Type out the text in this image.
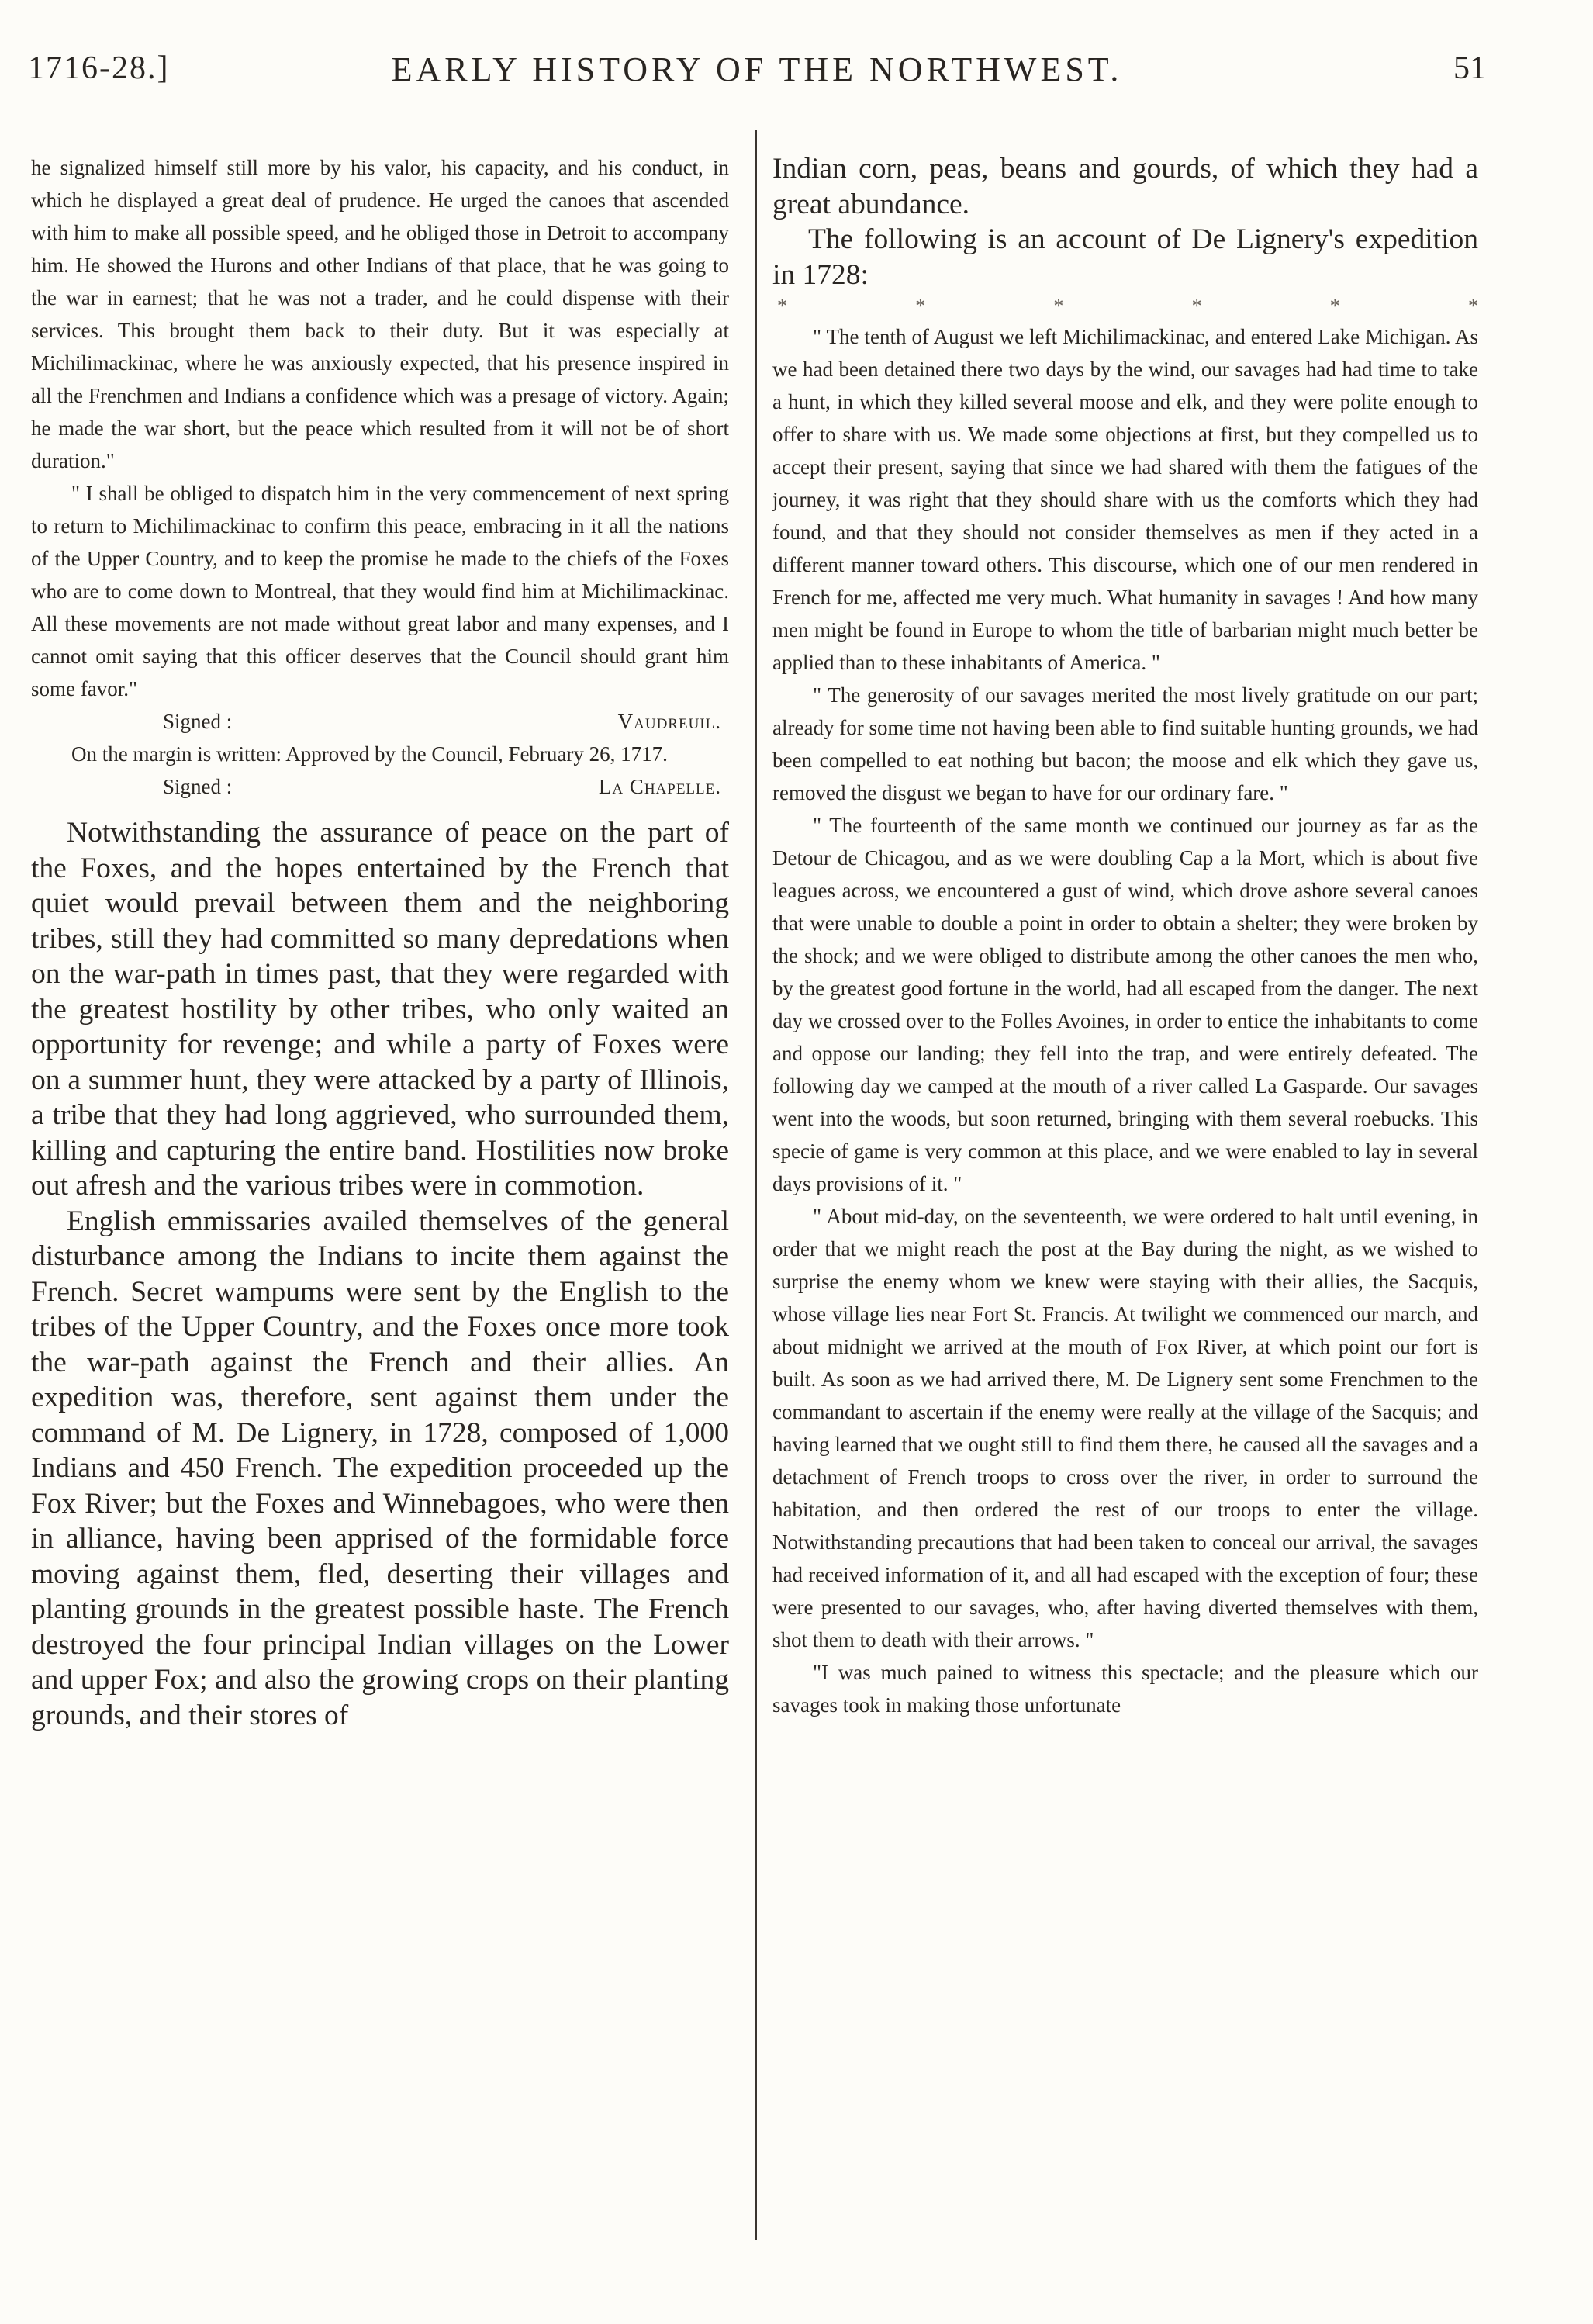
1716-28.]	EARLY HISTORY OF THE NORTHWEST.	51

he signalized himself still more by his valor, his capacity, and his conduct, in which he displayed a great deal of prudence. He urged the canoes that ascended with him to make all possible speed, and he obliged those in Detroit to accompany him. He showed the Hurons and other Indians of that place, that he was going to the war in earnest; that he was not a trader, and he could dispense with their services. This brought them back to their duty. But it was especially at Michilimackinac, where he was anxiously expected, that his presence inspired in all the Frenchmen and Indians a confidence which was a presage of victory. Again; he made the war short, but the peace which resulted from it will not be of short duration."

" I shall be obliged to dispatch him in the very commencement of next spring to return to Michilimackinac to confirm this peace, embracing in it all the nations of the Upper Country, and to keep the promise he made to the chiefs of the Foxes who are to come down to Montreal, that they would find him at Michilimackinac. All these movements are not made without great labor and many expenses, and I cannot omit saying that this officer deserves that the Council should grant him some favor."

Signed :	Vaudreuil.

On the margin is written: Approved by the Council, February 26, 1717.

Signed :	La Chapelle.

Notwithstanding the assurance of peace on the part of the Foxes, and the hopes entertained by the French that quiet would prevail between them and the neighboring tribes, still they had committed so many depredations when on the war-path in times past, that they were regarded with the greatest hostility by other tribes, who only waited an opportunity for revenge; and while a party of Foxes were on a summer hunt, they were attacked by a party of Illinois, a tribe that they had long aggrieved, who surrounded them, killing and capturing the entire band. Hostilities now broke out afresh and the various tribes were in commotion.

English emmissaries availed themselves of the general disturbance among the Indians to incite them against the French. Secret wampums were sent by the English to the tribes of the Upper Country, and the Foxes once more took the war-path against the French and their allies. An expedition was, therefore, sent against them under the command of M. De Lignery, in 1728, composed of 1,000 Indians and 450 French. The expedition proceeded up the Fox River; but the Foxes and Winnebagoes, who were then in alliance, having been apprised of the formidable force moving against them, fled, deserting their villages and planting grounds in the greatest possible haste. The French destroyed the four principal Indian villages on the Lower and upper Fox; and also the growing crops on their planting grounds, and their stores of

Indian corn, peas, beans and gourds, of which they had a great abundance.

The following is an account of De Lignery's expedition in 1728:

*	*	*	*	*	*

" The tenth of August we left Michilimackinac, and entered Lake Michigan. As we had been detained there two days by the wind, our savages had had time to take a hunt, in which they killed several moose and elk, and they were polite enough to offer to share with us. We made some objections at first, but they compelled us to accept their present, saying that since we had shared with them the fatigues of the journey, it was right that they should share with us the comforts which they had found, and that they should not consider themselves as men if they acted in a different manner toward others. This discourse, which one of our men rendered in French for me, affected me very much. What humanity in savages ! And how many men might be found in Europe to whom the title of barbarian might much better be applied than to these inhabitants of America. "

" The generosity of our savages merited the most lively gratitude on our part; already for some time not having been able to find suitable hunting grounds, we had been compelled to eat nothing but bacon; the moose and elk which they gave us, removed the disgust we began to have for our ordinary fare. "

" The fourteenth of the same month we continued our journey as far as the Detour de Chicagou, and as we were doubling Cap a la Mort, which is about five leagues across, we encountered a gust of wind, which drove ashore several canoes that were unable to double a point in order to obtain a shelter; they were broken by the shock; and we were obliged to distribute among the other canoes the men who, by the greatest good fortune in the world, had all escaped from the danger. The next day we crossed over to the Folles Avoines, in order to entice the inhabitants to come and oppose our landing; they fell into the trap, and were entirely defeated. The following day we camped at the mouth of a river called La Gasparde. Our savages went into the woods, but soon returned, bringing with them several roebucks. This specie of game is very common at this place, and we were enabled to lay in several days provisions of it. "

" About mid-day, on the seventeenth, we were ordered to halt until evening, in order that we might reach the post at the Bay during the night, as we wished to surprise the enemy whom we knew were staying with their allies, the Sacquis, whose village lies near Fort St. Francis. At twilight we commenced our march, and about midnight we arrived at the mouth of Fox River, at which point our fort is built. As soon as we had arrived there, M. De Lignery sent some Frenchmen to the commandant to ascertain if the enemy were really at the village of the Sacquis; and having learned that we ought still to find them there, he caused all the savages and a detachment of French troops to cross over the river, in order to surround the habitation, and then ordered the rest of our troops to enter the village. Notwithstanding precautions that had been taken to conceal our arrival, the savages had received information of it, and all had escaped with the exception of four; these were presented to our savages, who, after having diverted themselves with them, shot them to death with their arrows. "

"I was much pained to witness this spectacle; and the pleasure which our savages took in making those unfortunate
